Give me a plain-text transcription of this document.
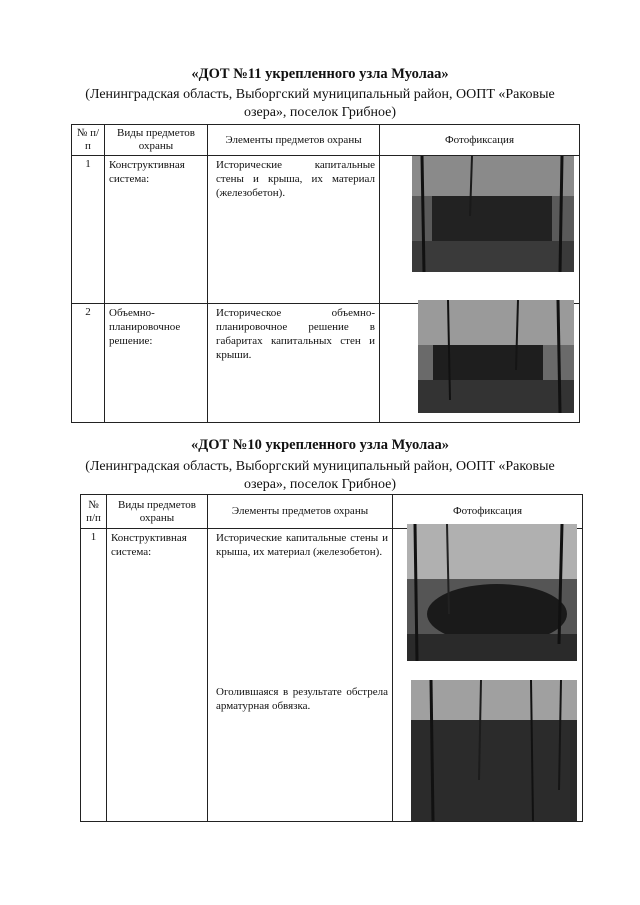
«ДОТ №11 укрепленного узла Муолаа»
(Ленинградская область, Выборгский муниципальный район, ООПТ «Раковые
озера», поселок Грибное)
№ п/п	Виды предметов охраны	Элементы предметов охраны	Фотофиксация
1	Конструктивная система:	Исторические капитальные стены и крыша, их материал (железобетон).	
2	Объемно-планировочное решение:	Историческое объемно-планировочное решение в габаритах капитальных стен и крыши.	
«ДОТ №10 укрепленного узла Муолаа»
(Ленинградская область, Выборгский муниципальный район, ООПТ «Раковые
озера», поселок Грибное)
№ п/п	Виды предметов охраны	Элементы предметов охраны	Фотофиксация
1	Конструктивная система:	Исторические капитальные стены и крыша, их материал (железобетон).
Оголившаяся в результате обстрела арматурная обвязка.	
